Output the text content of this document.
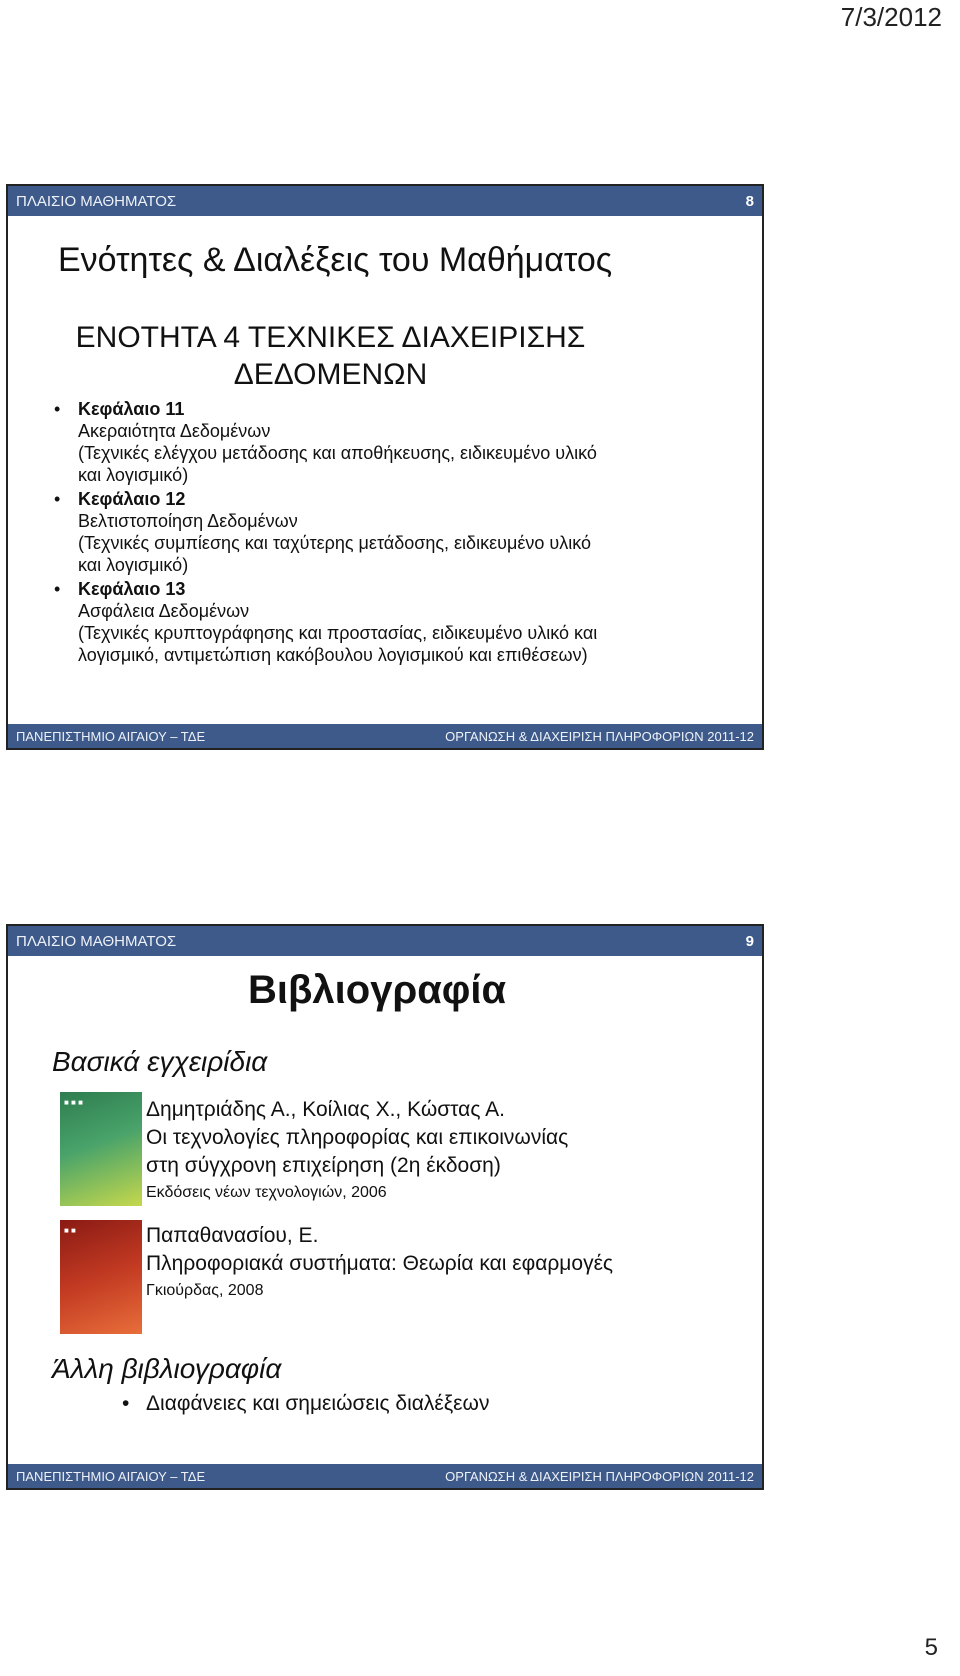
7/3/2012
ΠΛΑΙΣΙΟ ΜΑΘΗΜΑΤΟΣ	8
Ενότητες & Διαλέξεις του Μαθήματος
ΕΝΟΤΗΤΑ 4 ΤΕΧΝΙΚΕΣ ΔΙΑΧΕΙΡΙΣΗΣ ΔΕΔΟΜΕΝΩΝ
• Κεφάλαιο 11
Ακεραιότητα Δεδομένων
(Τεχνικές ελέγχου μετάδοσης και αποθήκευσης, ειδικευμένο υλικό
και λογισμικό)
• Κεφάλαιο 12
Βελτιστοποίηση Δεδομένων
(Τεχνικές συμπίεσης και ταχύτερης μετάδοσης, ειδικευμένο υλικό
και λογισμικό)
• Κεφάλαιο 13
Ασφάλεια Δεδομένων
(Τεχνικές κρυπτογράφησης και προστασίας, ειδικευμένο υλικό και
λογισμικό, αντιμετώπιση κακόβουλου λογισμικού και επιθέσεων)
ΠΑΝΕΠΙΣΤΗΜΙΟ ΑΙΓΑΙΟΥ – ΤΔΕ	ΟΡΓΑΝΩΣΗ & ΔΙΑΧΕΙΡΙΣΗ ΠΛΗΡΟΦΟΡΙΩΝ 2011-12
ΠΛΑΙΣΙΟ ΜΑΘΗΜΑΤΟΣ	9
Βιβλιογραφία
Βασικά εγχειρίδια
■ ■ ■	Δημητριάδης Α., Κοίλιας Χ., Κώστας Α.
Οι τεχνολογίες πληροφορίας και επικοινωνίας
στη σύγχρονη επιχείρηση (2η έκδοση)
Εκδόσεις νέων τεχνολογιών, 2006
■ ■	Παπαθανασίου, Ε.
Πληροφοριακά συστήματα: Θεωρία και εφαρμογές
Γκιούρδας, 2008
Άλλη βιβλιογραφία
• Διαφάνειες και σημειώσεις διαλέξεων
ΠΑΝΕΠΙΣΤΗΜΙΟ ΑΙΓΑΙΟΥ – ΤΔΕ	ΟΡΓΑΝΩΣΗ & ΔΙΑΧΕΙΡΙΣΗ ΠΛΗΡΟΦΟΡΙΩΝ 2011-12
5
